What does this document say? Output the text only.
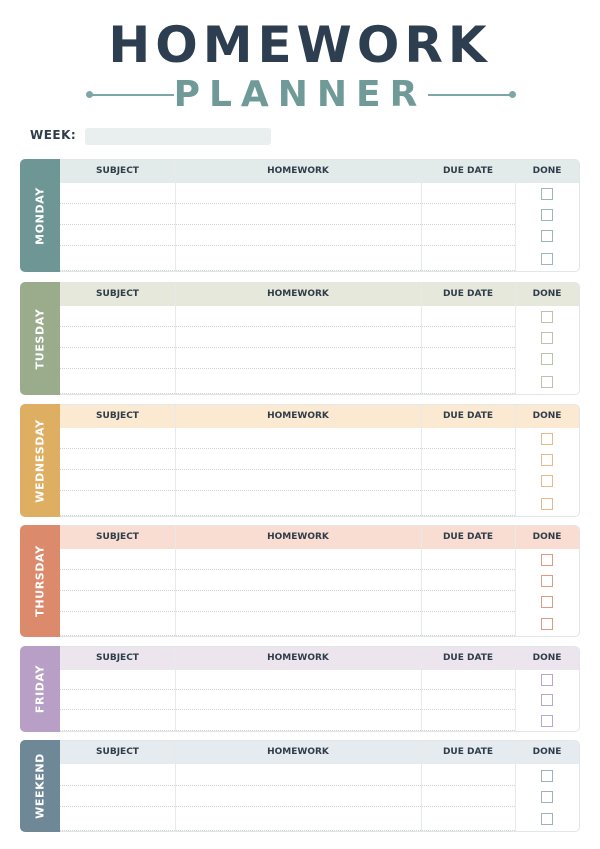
HOMEWORK
PLANNER
WEEK:
MONDAY
SUBJECT	HOMEWORK	DUE DATE	DONE
TUESDAY
SUBJECT	HOMEWORK	DUE DATE	DONE
WEDNESDAY
SUBJECT	HOMEWORK	DUE DATE	DONE
THURSDAY
SUBJECT	HOMEWORK	DUE DATE	DONE
FRIDAY
SUBJECT	HOMEWORK	DUE DATE	DONE
WEEKEND
SUBJECT	HOMEWORK	DUE DATE	DONE
